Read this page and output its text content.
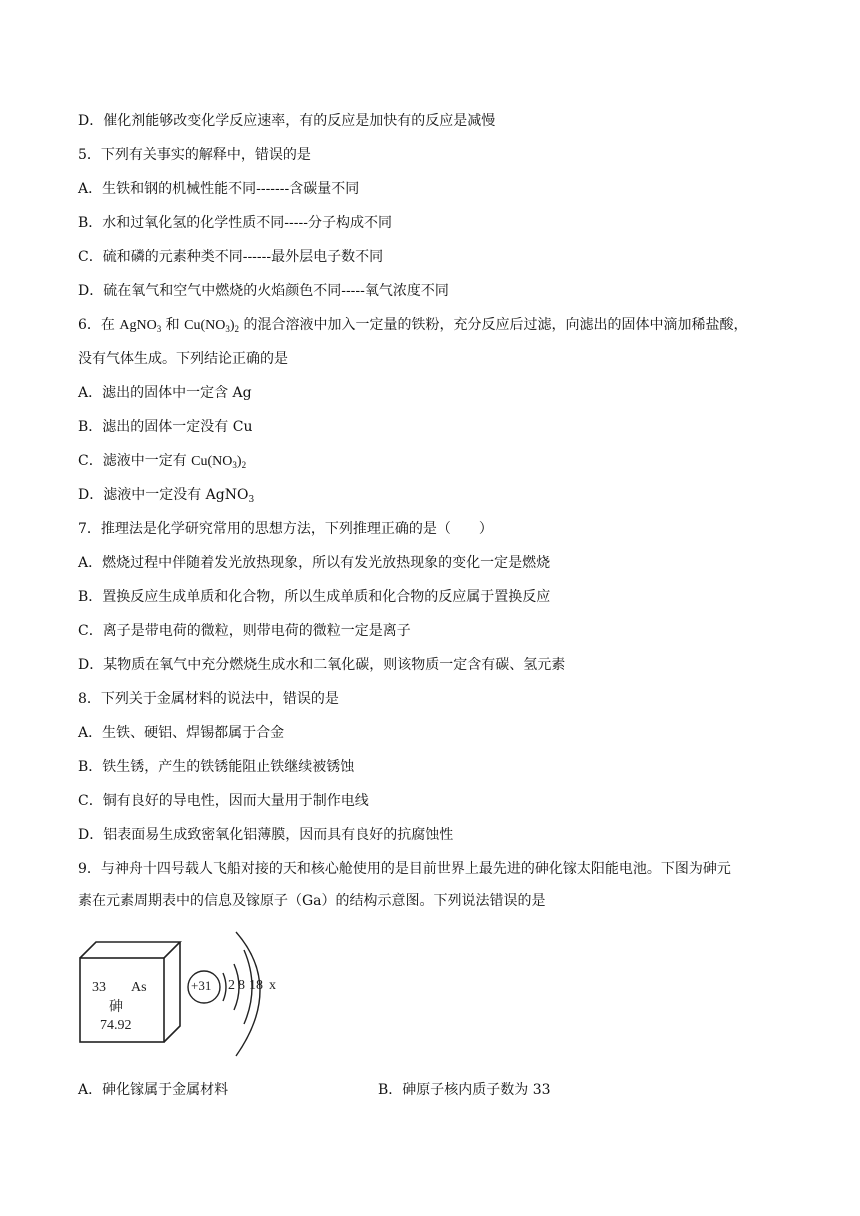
D．催化剂能够改变化学反应速率，有的反应是加快有的反应是减慢
5．下列有关事实的解释中，错误的是
A．生铁和钢的机械性能不同-------含碳量不同
B．水和过氧化氢的化学性质不同-----分子构成不同
C．硫和磷的元素种类不同------最外层电子数不同
D．硫在氧气和空气中燃烧的火焰颜色不同-----氧气浓度不同
6．在 AgNO$_3$ 和 $Cu(NO_3)_2$ 的混合溶液中加入一定量的铁粉，充分反应后过滤，向滤出的固体中滴加稀盐酸，
没有气体生成。下列结论正确的是
A．滤出的固体中一定含 Ag
B．滤出的固体一定没有 Cu
C．滤液中一定有 $Cu(NO_3)_2$
D．滤液中一定没有 AgNO$_3$
7．推理法是化学研究常用的思想方法，下列推理正确的是（　　）
A．燃烧过程中伴随着发光放热现象，所以有发光放热现象的变化一定是燃烧
B．置换反应生成单质和化合物，所以生成单质和化合物的反应属于置换反应
C．离子是带电荷的微粒，则带电荷的微粒一定是离子
D．某物质在氧气中充分燃烧生成水和二氧化碳，则该物质一定含有碳、氢元素
8．下列关于金属材料的说法中，错误的是
A．生铁、硬铝、焊锡都属于合金
B．铁生锈，产生的铁锈能阻止铁继续被锈蚀
C．铜有良好的导电性，因而大量用于制作电线
D．铝表面易生成致密氧化铝薄膜，因而具有良好的抗腐蚀性
9．与神舟十四号载人飞船对接的天和核心舱使用的是目前世界上最先进的砷化镓太阳能电池。下图为砷元
素在元素周期表中的信息及镓原子（Ga）的结构示意图。下列说法错误的是
33 As
砷
74.92
+31 2 8 18 x
A．砷化镓属于金属材料	B．砷原子核内质子数为 33
